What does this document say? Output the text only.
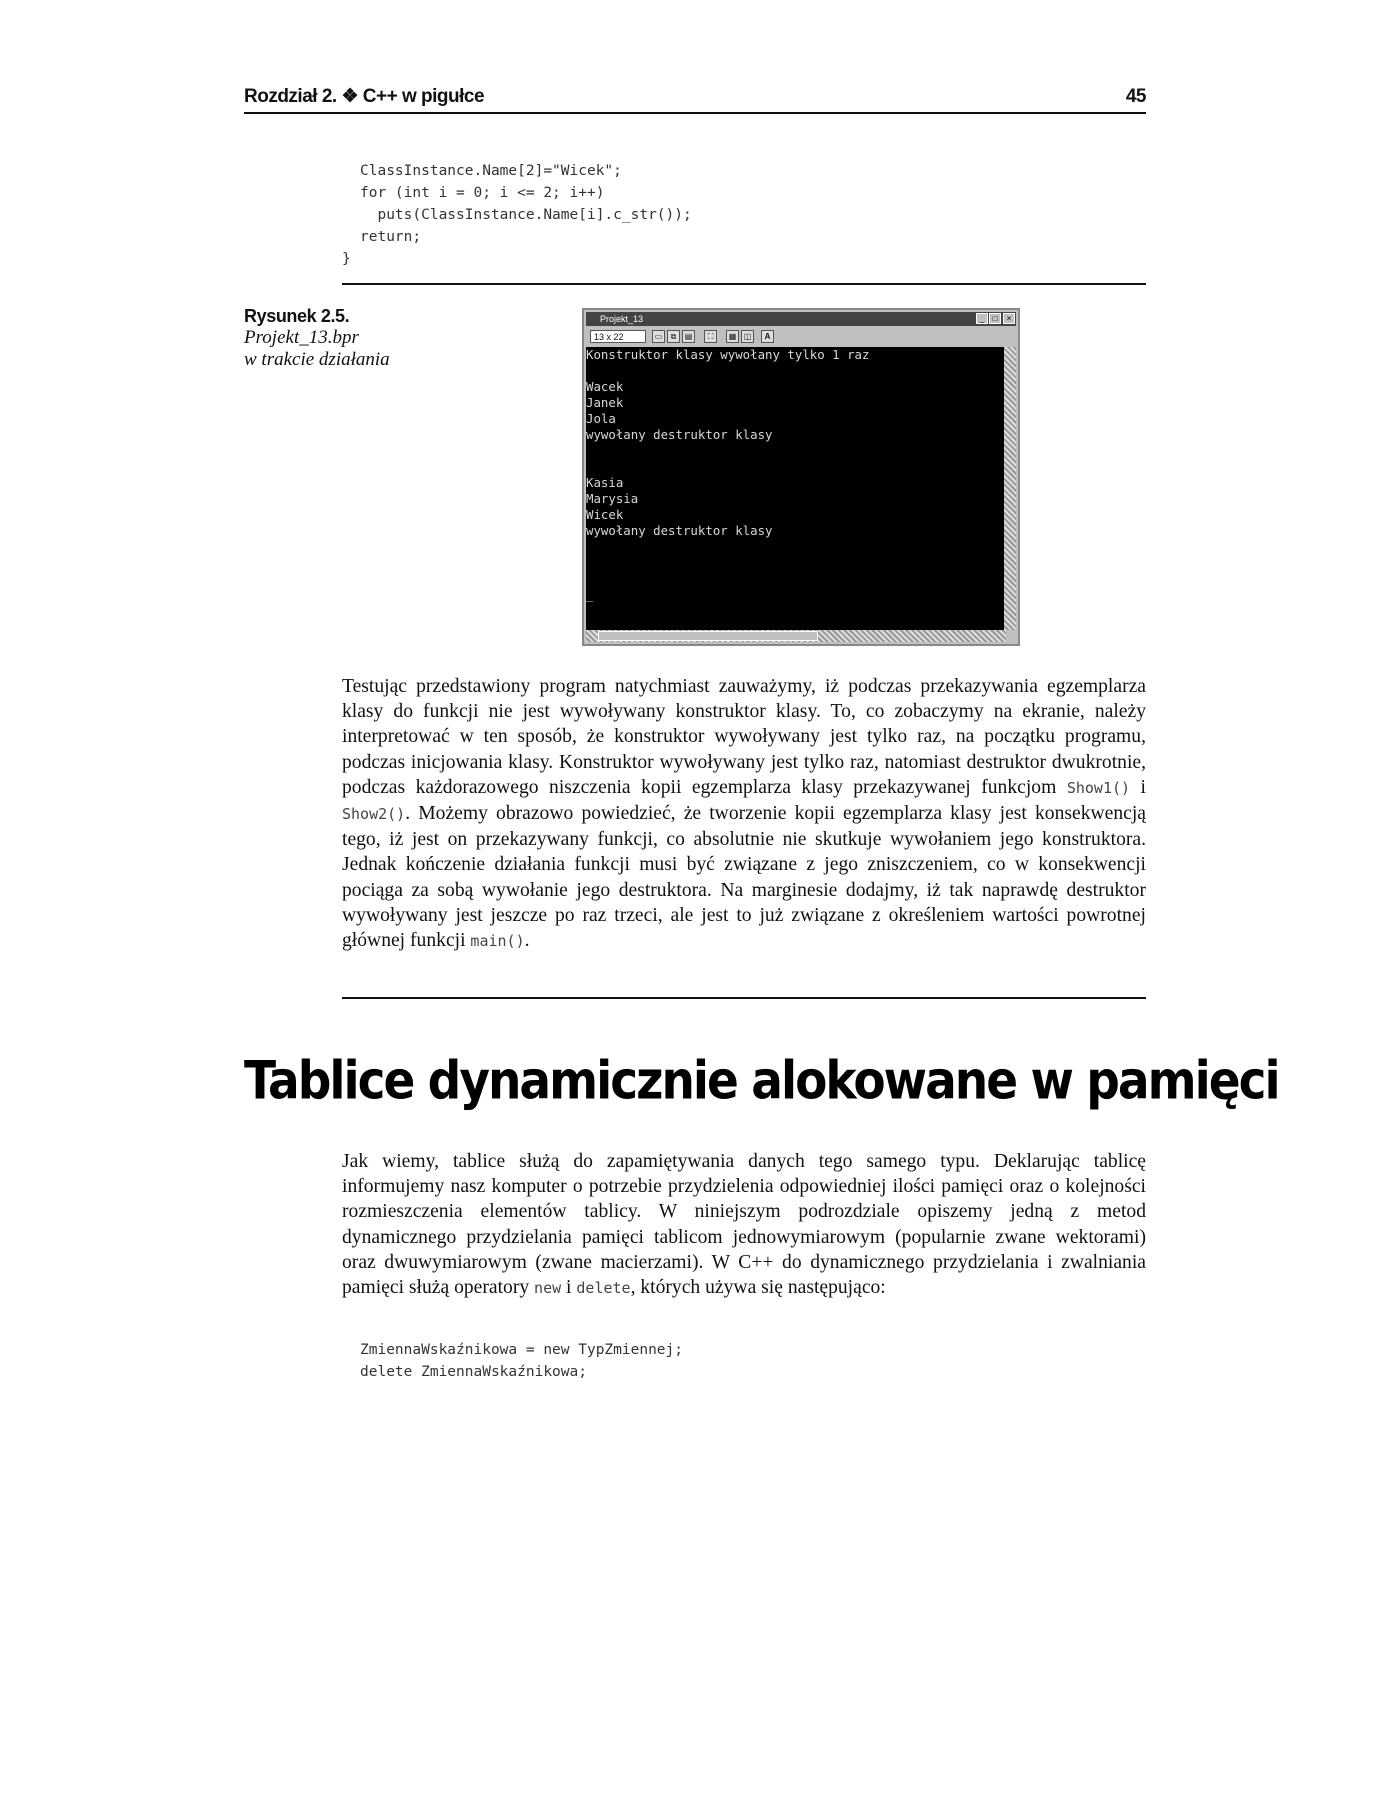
Rozdział 2. ❖ C++ w pigułce	45
ClassInstance.Name[2]="Wicek";
for (int i = 0; i <= 2; i++)
puts(ClassInstance.Name[i].c_str());
return;
}
Rysunek 2.5.
Projekt_13.bpr
w trakcie działania
Projekt_13	_	□	×
13 x 22	▭	⧉	▤	⛶	▦ ◫	A
Konstruktor klasy wywołany tylko 1 raz
Wacek
Janek
Jola
wywołany destruktor klasy
Kasia
Marysia
Wicek
wywołany destruktor klasy
_

Testując przedstawiony program natychmiast zauważymy, iż podczas przekazywania egzemplarza klasy do funkcji nie jest wywoływany konstruktor klasy. To, co zobaczymy na ekranie, należy interpretować w ten sposób, że konstruktor wywoływany jest tylko raz, na początku programu, podczas inicjowania klasy. Konstruktor wywoływany jest tylko raz, natomiast destruktor dwukrotnie, podczas każdorazowego niszczenia kopii egzemplarza klasy przekazywanej funkcjom Show1() i Show2(). Możemy obrazowo powiedzieć, że tworzenie kopii egzemplarza klasy jest konsekwencją tego, iż jest on przekazywany funkcji, co absolutnie nie skutkuje wywołaniem jego konstruktora. Jednak kończenie działania funkcji musi być związane z jego zniszczeniem, co w konsekwencji pociąga za sobą wywołanie jego destruktora. Na marginesie dodajmy, iż tak naprawdę destruktor wywoływany jest jeszcze po raz trzeci, ale jest to już związane z określeniem wartości powrotnej głównej funkcji main().

Tablice dynamicznie alokowane w pamięci

Jak wiemy, tablice służą do zapamiętywania danych tego samego typu. Deklarując tablicę informujemy nasz komputer o potrzebie przydzielenia odpowiedniej ilości pamięci oraz o kolejności rozmieszczenia elementów tablicy. W niniejszym podrozdziale opiszemy jedną z metod dynamicznego przydzielania pamięci tablicom jednowymiarowym (popularnie zwane wektorami) oraz dwuwymiarowym (zwane macierzami). W C++ do dynamicznego przydzielania i zwalniania pamięci służą operatory new i delete, których używa się następująco:

ZmiennaWskaźnikowa = new TypZmiennej;
delete ZmiennaWskaźnikowa;
